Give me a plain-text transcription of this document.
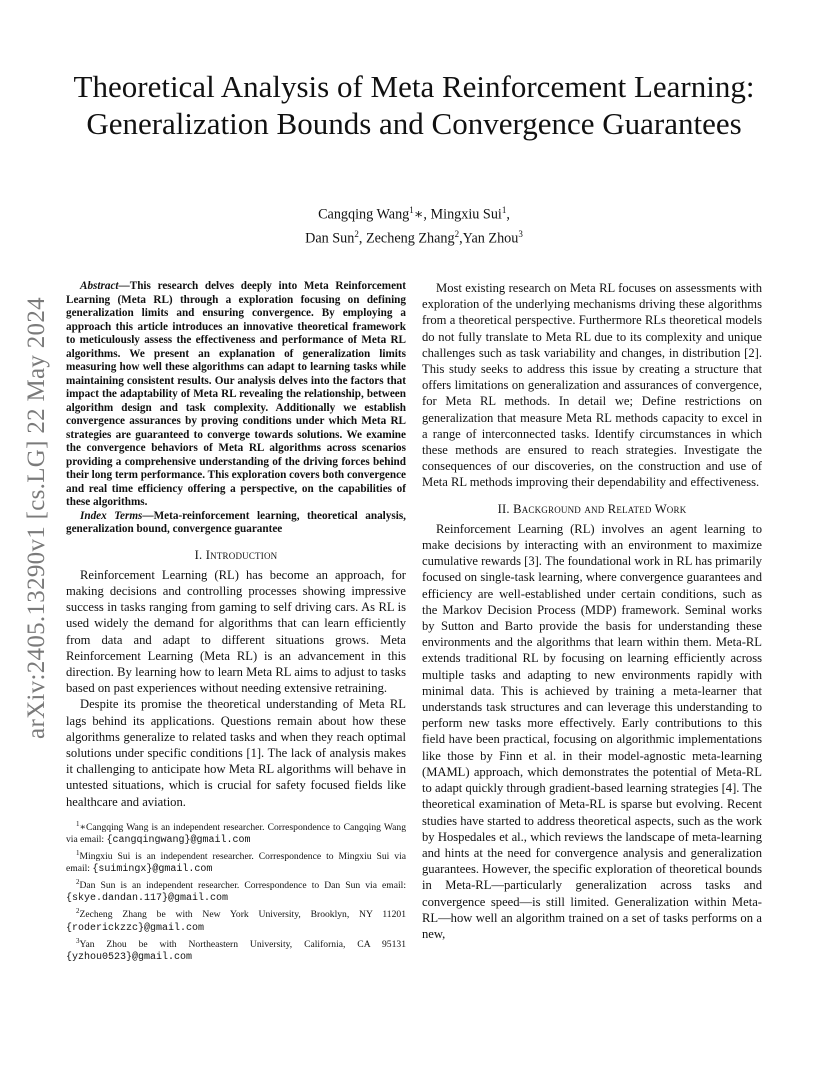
arXiv:2405.13290v1 [cs.LG] 22 May 2024
Theoretical Analysis of Meta Reinforcement Learning: Generalization Bounds and Convergence Guarantees
Cangqing Wang$^1$∗, Mingxiu Sui$^1$,
Dan Sun$^2$, Zecheng Zhang$^2$,Yan Zhou$^3$

Abstract—This research delves deeply into Meta Reinforcement Learning (Meta RL) through a exploration focusing on defining generalization limits and ensuring convergence. By employing a approach this article introduces an innovative theoretical framework to meticulously assess the effectiveness and performance of Meta RL algorithms. We present an explanation of generalization limits measuring how well these algorithms can adapt to learning tasks while maintaining consistent results. Our analysis delves into the factors that impact the adaptability of Meta RL revealing the relationship, between algorithm design and task complexity. Additionally we establish convergence assurances by proving conditions under which Meta RL strategies are guaranteed to converge towards solutions. We examine the convergence behaviors of Meta RL algorithms across scenarios providing a comprehensive understanding of the driving forces behind their long term performance. This exploration covers both convergence and real time efficiency offering a perspective, on the capabilities of these algorithms.

Index Terms—Meta-reinforcement learning, theoretical analysis, generalization bound, convergence guarantee

I. Introduction

Reinforcement Learning (RL) has become an approach, for making decisions and controlling processes showing impressive success in tasks ranging from gaming to self driving cars. As RL is used widely the demand for algorithms that can learn efficiently from data and adapt to different situations grows. Meta Reinforcement Learning (Meta RL) is an advancement in this direction. By learning how to learn Meta RL aims to adjust to tasks based on past experiences without needing extensive retraining.

Despite its promise the theoretical understanding of Meta RL lags behind its applications. Questions remain about how these algorithms generalize to related tasks and when they reach optimal solutions under specific conditions [1]. The lack of analysis makes it challenging to anticipate how Meta RL algorithms will behave in untested situations, which is crucial for safety focused fields like healthcare and aviation.

$^1$∗Cangqing Wang is an independent researcher. Correspondence to Cangqing Wang via email: {cangqingwang}@gmail.com

$^1$Mingxiu Sui is an independent researcher. Correspondence to Mingxiu Sui via email: {suimingx}@gmail.com

$^2$Dan Sun is an independent researcher. Correspondence to Dan Sun via email: {skye.dandan.117}@gmail.com

$^2$Zecheng Zhang be with New York University, Brooklyn, NY 11201 {roderickzzc}@gmail.com

$^3$Yan Zhou be with Northeastern University, California, CA 95131 {yzhou0523}@gmail.com

Most existing research on Meta RL focuses on assessments with exploration of the underlying mechanisms driving these algorithms from a theoretical perspective. Furthermore RLs theoretical models do not fully translate to Meta RL due to its complexity and unique challenges such as task variability and changes, in distribution [2]. This study seeks to address this issue by creating a structure that offers limitations on generalization and assurances of convergence, for Meta RL methods. In detail we; Define restrictions on generalization that measure Meta RL methods capacity to excel in a range of interconnected tasks. Identify circumstances in which these methods are ensured to reach strategies. Investigate the consequences of our discoveries, on the construction and use of Meta RL methods improving their dependability and effectiveness.

II. Background and Related Work

Reinforcement Learning (RL) involves an agent learning to make decisions by interacting with an environment to maximize cumulative rewards [3]. The foundational work in RL has primarily focused on single-task learning, where convergence guarantees and efficiency are well-established under certain conditions, such as the Markov Decision Process (MDP) framework. Seminal works by Sutton and Barto provide the basis for understanding these environments and the algorithms that learn within them. Meta-RL extends traditional RL by focusing on learning efficiently across multiple tasks and adapting to new environments rapidly with minimal data. This is achieved by training a meta-learner that understands task structures and can leverage this understanding to perform new tasks more effectively. Early contributions to this field have been practical, focusing on algorithmic implementations like those by Finn et al. in their model-agnostic meta-learning (MAML) approach, which demonstrates the potential of Meta-RL to adapt quickly through gradient-based learning strategies [4]. The theoretical examination of Meta-RL is sparse but evolving. Recent studies have started to address theoretical aspects, such as the work by Hospedales et al., which reviews the landscape of meta-learning and hints at the need for convergence analysis and generalization guarantees. However, the specific exploration of theoretical bounds in Meta-RL—particularly generalization across tasks and convergence speed—is still limited. Generalization within Meta-RL—how well an algorithm trained on a set of tasks performs on a new,
